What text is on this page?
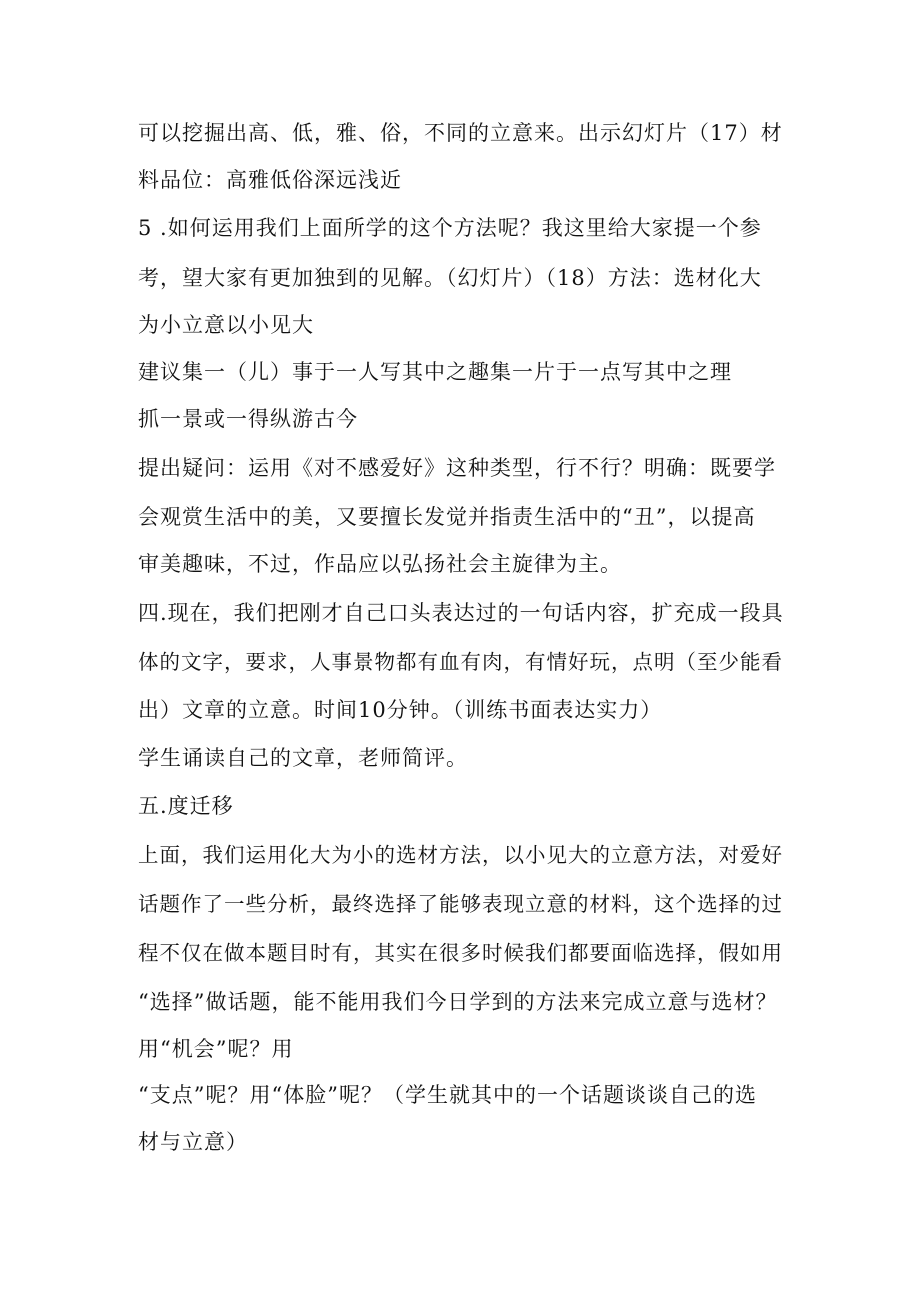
可以挖掘出高、低，雅、俗，不同的立意来。出示幻灯片（17）材
料品位：高雅低俗深远浅近
5 .如何运用我们上面所学的这个方法呢？我这里给大家提一个参
考，望大家有更加独到的见解。（幻灯片）（18）方法：选材化大
为小立意以小见大
建议集一（儿）事于一人写其中之趣集一片于一点写其中之理
抓一景或一得纵游古今
提出疑问：运用《对不感爱好》这种类型，行不行？明确：既要学
会观赏生活中的美，又要擅长发觉并指责生活中的“丑”，以提高
审美趣味，不过，作品应以弘扬社会主旋律为主。
四.现在，我们把刚才自己口头表达过的一句话内容，扩充成一段具
体的文字，要求，人事景物都有血有肉，有情好玩，点明（至少能看
出）文章的立意。时间10分钟。（训练书面表达实力）
学生诵读自己的文章，老师简评。
五.度迁移
上面，我们运用化大为小的选材方法，以小见大的立意方法，对爱好
话题作了一些分析，最终选择了能够表现立意的材料，这个选择的过
程不仅在做本题目时有，其实在很多时候我们都要面临选择，假如用
“选择”做话题，能不能用我们今日学到的方法来完成立意与选材？
用“机会”呢？用
“支点”呢？用“体脸”呢？（学生就其中的一个话题谈谈自己的选
材与立意）
